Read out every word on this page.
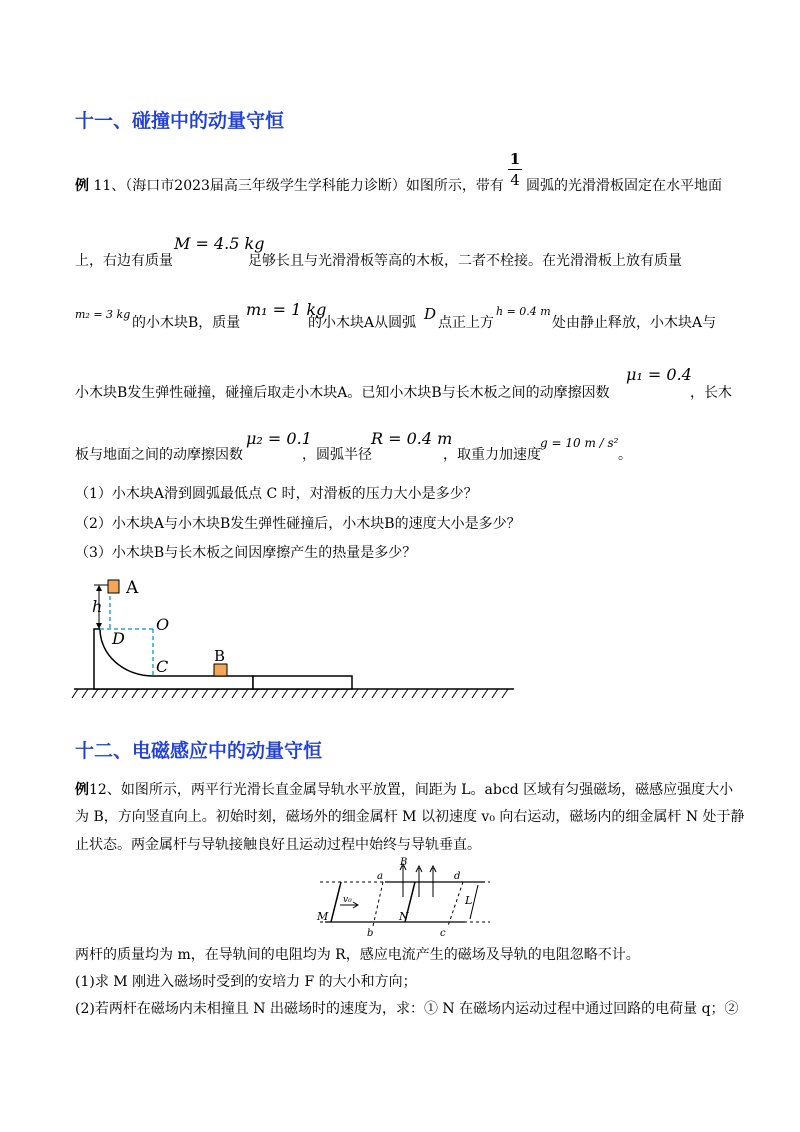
十一、碰撞中的动量守恒
例 11、（海口市2023届高三年级学生学科能力诊断）如图所示，带有
1
4 圆弧的光滑滑板固定在水平地面
上，右边有质量
M = 4.5 kg
足够长且与光滑滑板等高的木板，二者不栓接。在光滑滑板上放有质量
m₂ = 3 kg
的小木块B，质量
m₁ = 1 kg
的小木块A从圆弧 D 点正上方
h = 0.4 m
处由静止释放，小木块A与
小木块B发生弹性碰撞，碰撞后取走小木块A。已知小木块B与长木板之间的动摩擦因数
μ₁ = 0.4
，长木
板与地面之间的动摩擦因数
μ₂ = 0.1
，圆弧半径
R = 0.4 m
，取重力加速度
g = 10 m / s²
。
（1）小木块A滑到圆弧最低点 C 时，对滑板的压力大小是多少？
（2）小木块A与小木块B发生弹性碰撞后，小木块B的速度大小是多少？
（3）小木块B与长木板之间因摩擦产生的热量是多少？
A
h
O
D
C
B
十二、电磁感应中的动量守恒
例12、如图所示，两平行光滑长直金属导轨水平放置，间距为 L。abcd 区域有匀强磁场，磁感应强度大小
为 B，方向竖直向上。初始时刻，磁场外的细金属杆 M 以初速度 v₀ 向右运动，磁场内的细金属杆 N 处于静
止状态。两金属杆与导轨接触良好且运动过程中始终与导轨垂直。
B
a	d
L
M
v₀
N
b	c
两杆的质量均为 m，在导轨间的电阻均为 R，感应电流产生的磁场及导轨的电阻忽略不计。
(1)求 M 刚进入磁场时受到的安培力 F 的大小和方向；
(2)若两杆在磁场内未相撞且 N 出磁场时的速度为，求：① N 在磁场内运动过程中通过回路的电荷量 q；②
